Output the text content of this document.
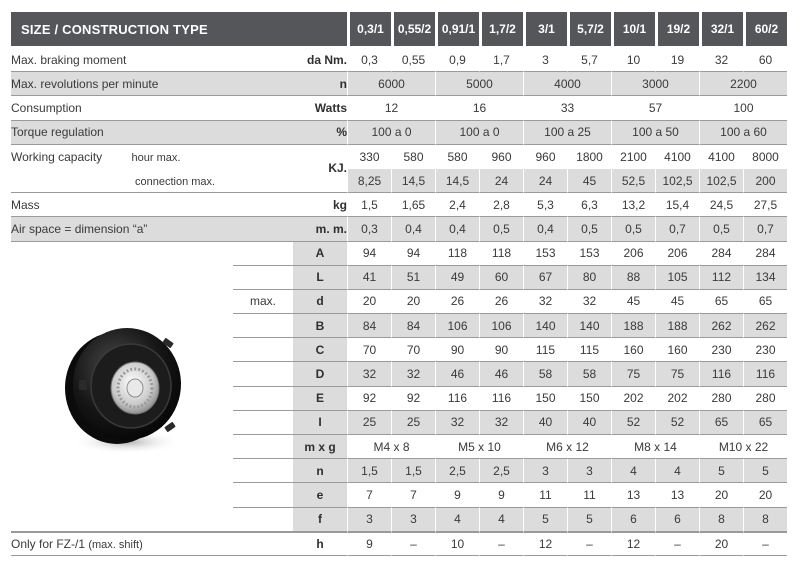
SIZE / CONSTRUCTION TYPE			0,3/1	0,55/2	0,91/1	1,7/2	3/1	5,7/2	10/1	19/2	32/1	60/2
Max. braking moment		da Nm.	0,3	0,55	0,9	1,7	3	5,7	10	19	32	60
Max. revolutions per minute		n	6000		5000		4000		3000		2200	
Consumption		Watts	12		16		33		57		100	
Torque regulation		%	100 a 0		100 a 0		100 a 25		100 a 50		100 a 60	
Working capacity hour max.		KJ.	330	580	580	960	960	1800	2100	4100	4100	8000
connection max.			8,25	14,5	14,5	24	24	45	52,5	102,5	102,5	200
Mass		kg	1,5	1,65	2,4	2,8	5,3	6,3	13,2	15,4	24,5	27,5
Air space = dimension “a”		m. m.	0,3	0,4	0,4	0,5	0,4	0,5	0,5	0,7	0,5	0,7
		A	94	94	118	118	153	153	206	206	284	284
		L	41	51	49	60	67	80	88	105	112	134
	max.	d	20	20	26	26	32	32	45	45	65	65
		B	84	84	106	106	140	140	188	188	262	262
		C	70	70	90	90	115	115	160	160	230	230
		D	32	32	46	46	58	58	75	75	116	116
		E	92	92	116	116	150	150	202	202	280	280
		I	25	25	32	32	40	40	52	52	65	65
		m x g	M4 x 8		M5 x 10		M6 x 12		M8 x 14		M10 x 22	
		n	1,5	1,5	2,5	2,5	3	3	4	4	5	5
		e	7	7	9	9	11	11	13	13	20	20
		f	3	3	4	4	5	5	6	6	8	8
Only for FZ-/1 (max. shift)		h	9	–	10	–	12	–	12	–	20	–
